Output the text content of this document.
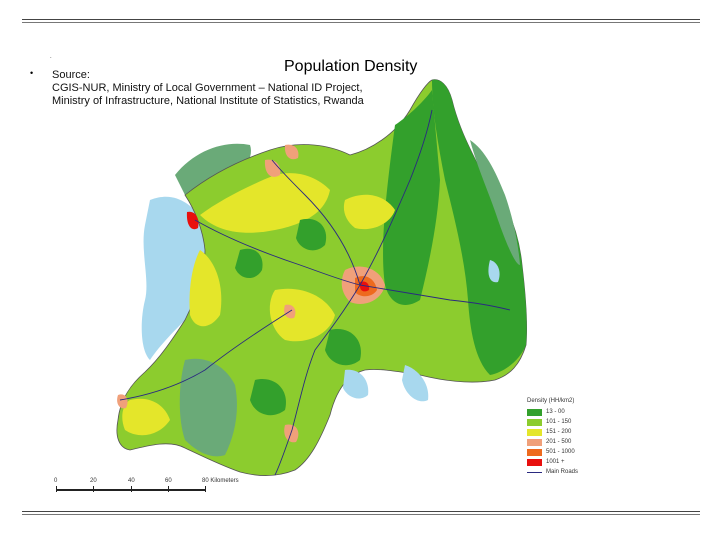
.
•	Population Density
Source:
CGIS-NUR, Ministry of Local Government – National ID Project,
Ministry of Infrastructure, National Institute of Statistics, Rwanda
Density (HH/km2)
13 - 00
101 - 150
151 - 200
201 - 500
501 - 1000
1001 +
Main Roads
0	20	40	60	80 Kilometers
